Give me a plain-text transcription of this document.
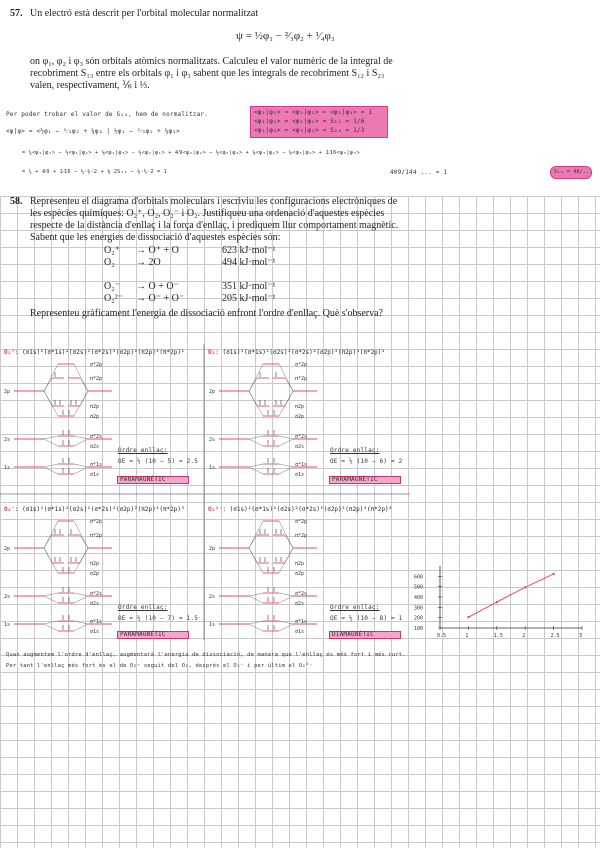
57. Un electró està descrit per l'orbital molecular normalitzat
ψ = ½φ₁ − ²⁄₃φ₂ + ¹⁄₄φ₃
on φ₁, φ₂ i φ₃ són orbitals atòmics normalitzats. Calculeu el valor numèric de la integral de
recobriment S₁₃ entre els orbitals φ₁ i φ₃ sabent que les integrals de recobriment S₁₂ i S₂₃
valen, respectivament, ⅙ i ⅓.
Per poder trobar el valor de S₁₃, hem de normalitzar.	<φ₁|φ₂> = <φ₂|φ₁> = <φ₃|φ₃> = 1
<φ₁|φ₂> = <φ₂|φ₁> = S₁₂ = 1/6
<φ₂|φ₃> = <φ₃|φ₂> = S₂₃ = 1/3
<ψ|ψ> = <½φ₁ − ²⁄₃φ₂ + ¼φ₃ | ½φ₁ − ²⁄₃φ₂ + ¼φ₃>
= ¼<φ₁|φ₁> − ⅓<φ₁|φ₂> + ⅛<φ₁|φ₃> − ⅓<φ₂|φ₁> + 4⁄9<φ₂|φ₂> − ⅙<φ₂|φ₃> + ⅛<φ₃|φ₁> − ⅙<φ₃|φ₂> + 1⁄16<φ₃|φ₃>
= ¼ + 4⁄9 + 1⁄16 − ⅓·⅙·2 + ⅛·2S₁₃ − ⅙·⅓·2 = 1	409/144 ... = 1	S₁₃ = 48/...
58. Representeu el diagrama d'orbitals moleculars i escriviu les configuracions electròniques de
les espècies químiques: O₂⁺, O₂, O₂⁻ i O₂. Justifiqueu una ordenació d'aquestes espècies
respecte de la distància d'enllaç i la força d'enllaç, i prediquem llur comportament magnètic.
Sabent que les energies de dissociació d'aquestes espècies són:
O₂⁺ → O⁺ + O	623 kJ·mol⁻¹
O₂ → 2O	494 kJ·mol⁻¹
O₂⁻ → O + O⁻	351 kJ·mol⁻¹
O₂²⁻ → O⁻ + O⁻	205 kJ·mol⁻¹
Representeu gràficament l'energia de dissociació enfront l'ordre d'enllaç. Què s'observa?
O₂⁺: (σ1s)²(σ*1s)²(σ2s)²(σ*2s)²(σ2p)²(π2p)⁴(π*2p)¹	O₂: (σ1s)²(σ*1s)²(σ2s)²(σ*2s)²(σ2p)²(π2p)⁴(π*2p)²
O₂⁻: (σ1s)²(σ*1s)²(σ2s)²(σ*2s)²(σ2p)²(π2p)⁴(π*2p)³	O₂²⁻: (σ1s)²(σ*1s)²(σ2s)²(σ*2s)²(σ2p)²(π2p)⁴(π*2p)⁴
2p
2s
1s
σ*2p
π*2p
π2p
σ2p
σ*2s
σ2s
σ*1s
σ1s
2p
2s
1s
σ*2p
π*2p
π2p
σ2p
σ*2s
σ2s
σ*1s
σ1s
2p
2s
1s
σ*2p
π*2p
π2p
σ2p
σ*2s
σ2s
σ*1s
σ1s
2p
2s
1s
σ*2p
π*2p
π2p
σ2p
σ*2s
σ2s
σ*1s
σ1s
Ordre enllaç:
OE = ½ (10 − 5) = 2.5
PARAMAGNÈTIC
Ordre enllaç:
OE = ½ (10 − 6) = 2
PARAMAGNÈTIC
Ordre enllaç:
OE = ½ (10 − 7) = 1.5
PARAMAGNÈTIC
Ordre enllaç:
OE = ½ (10 − 8) = 1
DIAMAGNÈTIC
100
200
300
400
500
600
0.5	1	1.5	2	2.5	3
Quan augmentem l'ordre d'enllaç, augmentarà l'energia de dissociació, de manera que l'enllaç és més fort i més curt.
Per tant l'enllaç més fort és el de O₂⁺ seguit del O₂, després el O₂⁻ i per últim el O₂²⁻
